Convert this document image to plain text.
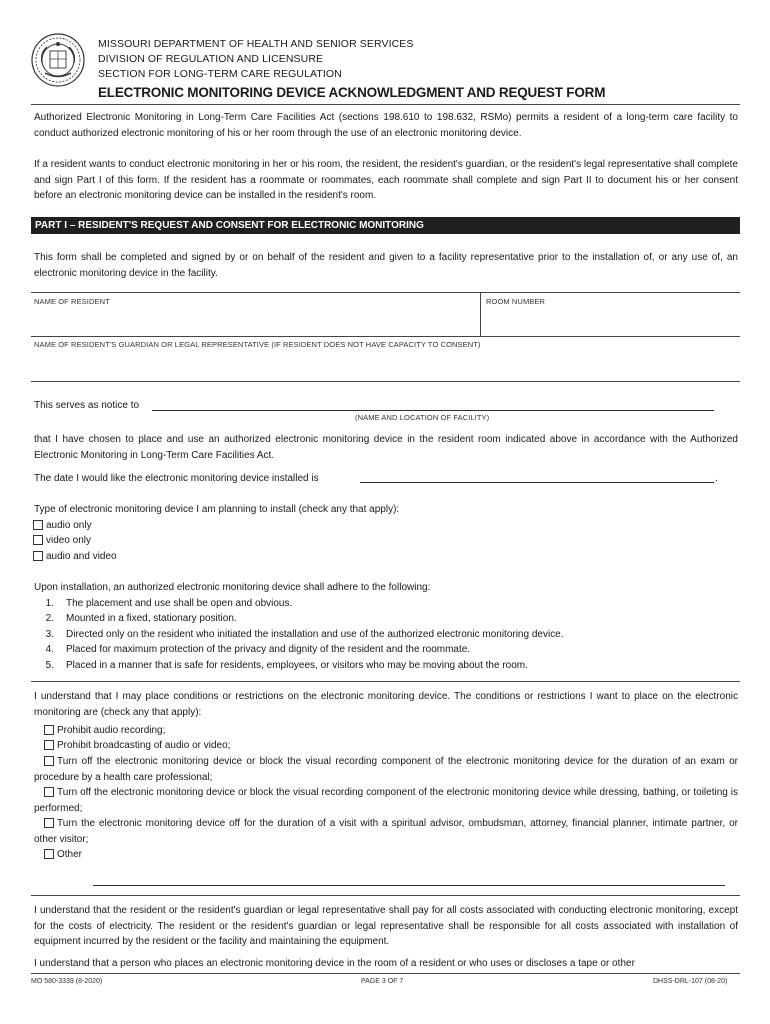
MISSOURI DEPARTMENT OF HEALTH AND SENIOR SERVICES
DIVISION OF REGULATION AND LICENSURE
SECTION FOR LONG-TERM CARE REGULATION
ELECTRONIC MONITORING DEVICE ACKNOWLEDGMENT AND REQUEST FORM
Authorized Electronic Monitoring in Long-Term Care Facilities Act (sections 198.610 to 198.632, RSMo) permits a resident of a long-term care facility to conduct authorized electronic monitoring of his or her room through the use of an electronic monitoring device.
If a resident wants to conduct electronic monitoring in her or his room, the resident, the resident's guardian, or the resident's legal representative shall complete and sign Part I of this form. If the resident has a roommate or roommates, each roommate shall complete and sign Part II to document his or her consent before an electronic monitoring device can be installed in the resident's room.
PART I – RESIDENT'S REQUEST AND CONSENT FOR ELECTRONIC MONITORING
This form shall be completed and signed by or on behalf of the resident and given to a facility representative prior to the installation of, or any use of, an electronic monitoring device in the facility.
NAME OF RESIDENT	ROOM NUMBER
NAME OF RESIDENT'S GUARDIAN OR LEGAL REPRESENTATIVE (IF RESIDENT DOES NOT HAVE CAPACITY TO CONSENT)
This serves as notice to
(NAME AND LOCATION OF FACILITY)
that I have chosen to place and use an authorized electronic monitoring device in the resident room indicated above in accordance with the Authorized Electronic Monitoring in Long-Term Care Facilities Act.
The date I would like the electronic monitoring device installed is	.
Type of electronic monitoring device I am planning to install (check any that apply):
audio only
video only
audio and video
Upon installation, an authorized electronic monitoring device shall adhere to the following:
1. The placement and use shall be open and obvious.
2. Mounted in a fixed, stationary position.
3. Directed only on the resident who initiated the installation and use of the authorized electronic monitoring device.
4. Placed for maximum protection of the privacy and dignity of the resident and the roommate.
5. Placed in a manner that is safe for residents, employees, or visitors who may be moving about the room.
I understand that I may place conditions or restrictions on the electronic monitoring device. The conditions or restrictions I want to place on the electronic monitoring are (check any that apply):
Prohibit audio recording;
Prohibit broadcasting of audio or video;
Turn off the electronic monitoring device or block the visual recording component of the electronic monitoring device for the duration of an exam or procedure by a health care professional;
Turn off the electronic monitoring device or block the visual recording component of the electronic monitoring device while dressing, bathing, or toileting is performed;
Turn the electronic monitoring device off for the duration of a visit with a spiritual advisor, ombudsman, attorney, financial planner, intimate partner, or other visitor;
Other
I understand that the resident or the resident's guardian or legal representative shall pay for all costs associated with conducting electronic monitoring, except for the costs of electricity. The resident or the resident's guardian or legal representative shall be responsible for all costs associated with installation of equipment incurred by the resident or the facility and maintaining the equipment.
I understand that a person who places an electronic monitoring device in the room of a resident or who uses or discloses a tape or other
MO 580-3339 (8-2020)	PAGE 3 OF 7	DHSS-DRL-107 (08-20)
